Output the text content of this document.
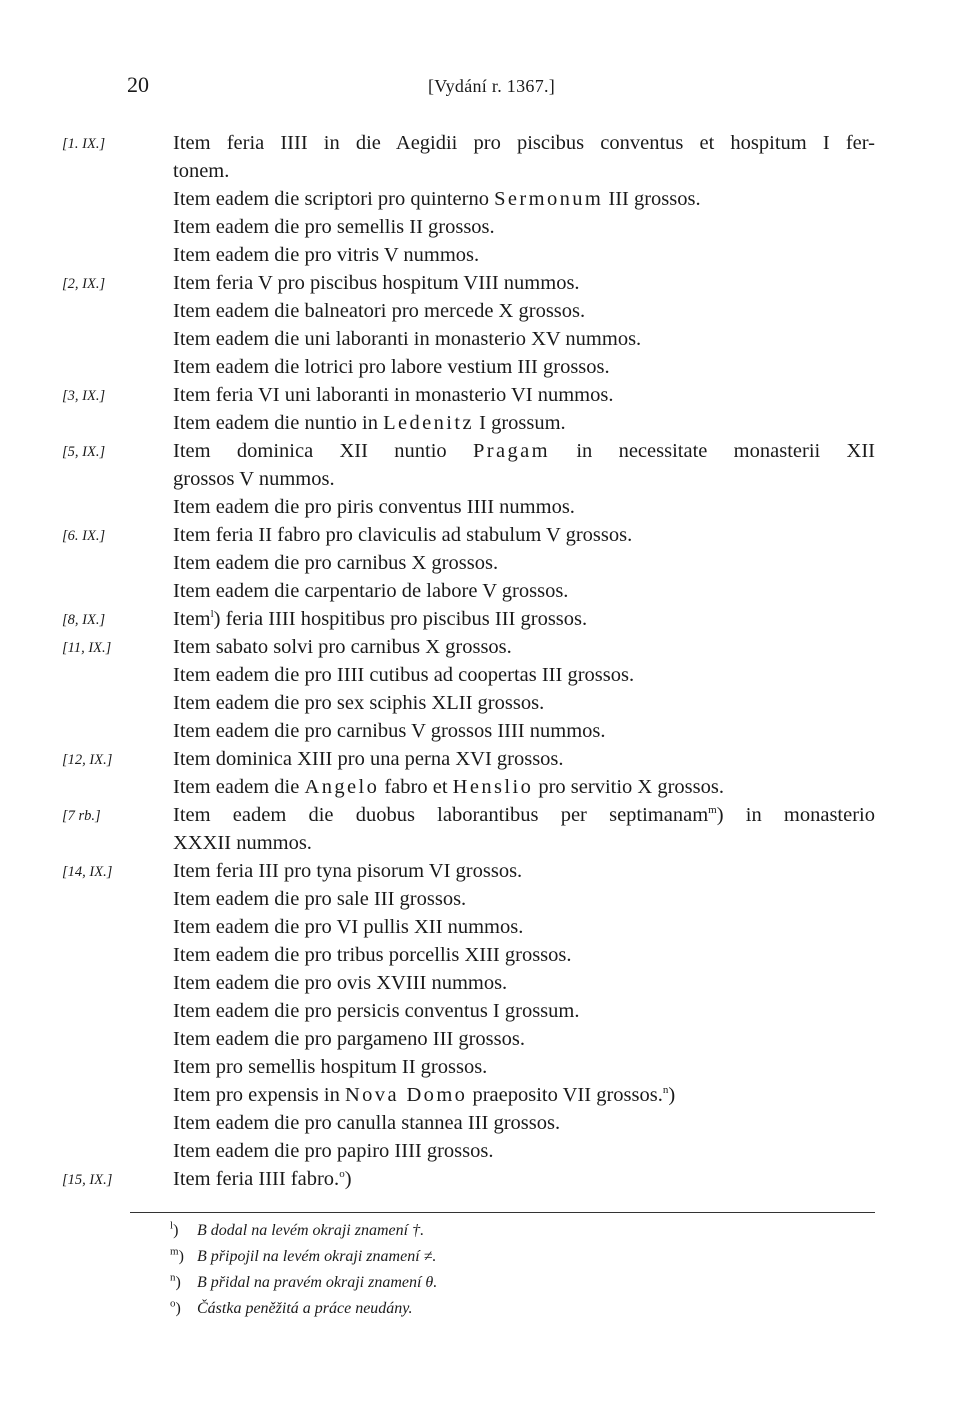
20	[Vydání r. 1367.]
[1. IX.]	Item feria IIII in die Aegidii pro piscibus conventus et hospitum I fer-
tonem.
Item eadem die scriptori pro quinterno Sermonum III grossos.
Item eadem die pro semellis II grossos.
Item eadem die pro vitris V nummos.
[2, IX.]	Item feria V pro piscibus hospitum VIII nummos.
Item eadem die balneatori pro mercede X grossos.
Item eadem die uni laboranti in monasterio XV nummos.
Item eadem die lotrici pro labore vestium III grossos.
[3, IX.]	Item feria VI uni laboranti in monasterio VI nummos.
Item eadem die nuntio in Ledenitz I grossum.
[5, IX.]	Item dominica XII nuntio Pragam in necessitate monasterii XII
grossos V nummos.
Item eadem die pro piris conventus IIII nummos.
[6. IX.]	Item feria II fabro pro claviculis ad stabulum V grossos.
Item eadem die pro carnibus X grossos.
Item eadem die carpentario de labore V grossos.
[8, IX.]	Item$^l$) feria IIII hospitibus pro piscibus III grossos.
[11, IX.]	Item sabato solvi pro carnibus X grossos.
Item eadem die pro IIII cutibus ad coopertas III grossos.
Item eadem die pro sex sciphis XLII grossos.
Item eadem die pro carnibus V grossos IIII nummos.
[12, IX.]	Item dominica XIII pro una perna XVI grossos.
Item eadem die Angelo fabro et Henslio pro servitio X grossos.
[7 rb.]	Item eadem die duobus laborantibus per septimanam$^m$) in monasterio
XXXII nummos.
[14, IX.]	Item feria III pro tyna pisorum VI grossos.
Item eadem die pro sale III grossos.
Item eadem die pro VI pullis XII nummos.
Item eadem die pro tribus porcellis XIII grossos.
Item eadem die pro ovis XVIII nummos.
Item eadem die pro persicis conventus I grossum.
Item eadem die pro pargameno III grossos.
Item pro semellis hospitum II grossos.
Item pro expensis in Nova Domo praeposito VII grossos.$^n$)
Item eadem die pro canulla stannea III grossos.
Item eadem die pro papiro IIII grossos.
[15, IX.]	Item feria IIII fabro.$^o$)
$^l$) B dodal na levém okraji znamení †.
$^m$) B připojil na levém okraji znamení ≠.
$^n$) B přidal na pravém okraji znamení θ.
$^o$) Částka peněžitá a práce neudány.
